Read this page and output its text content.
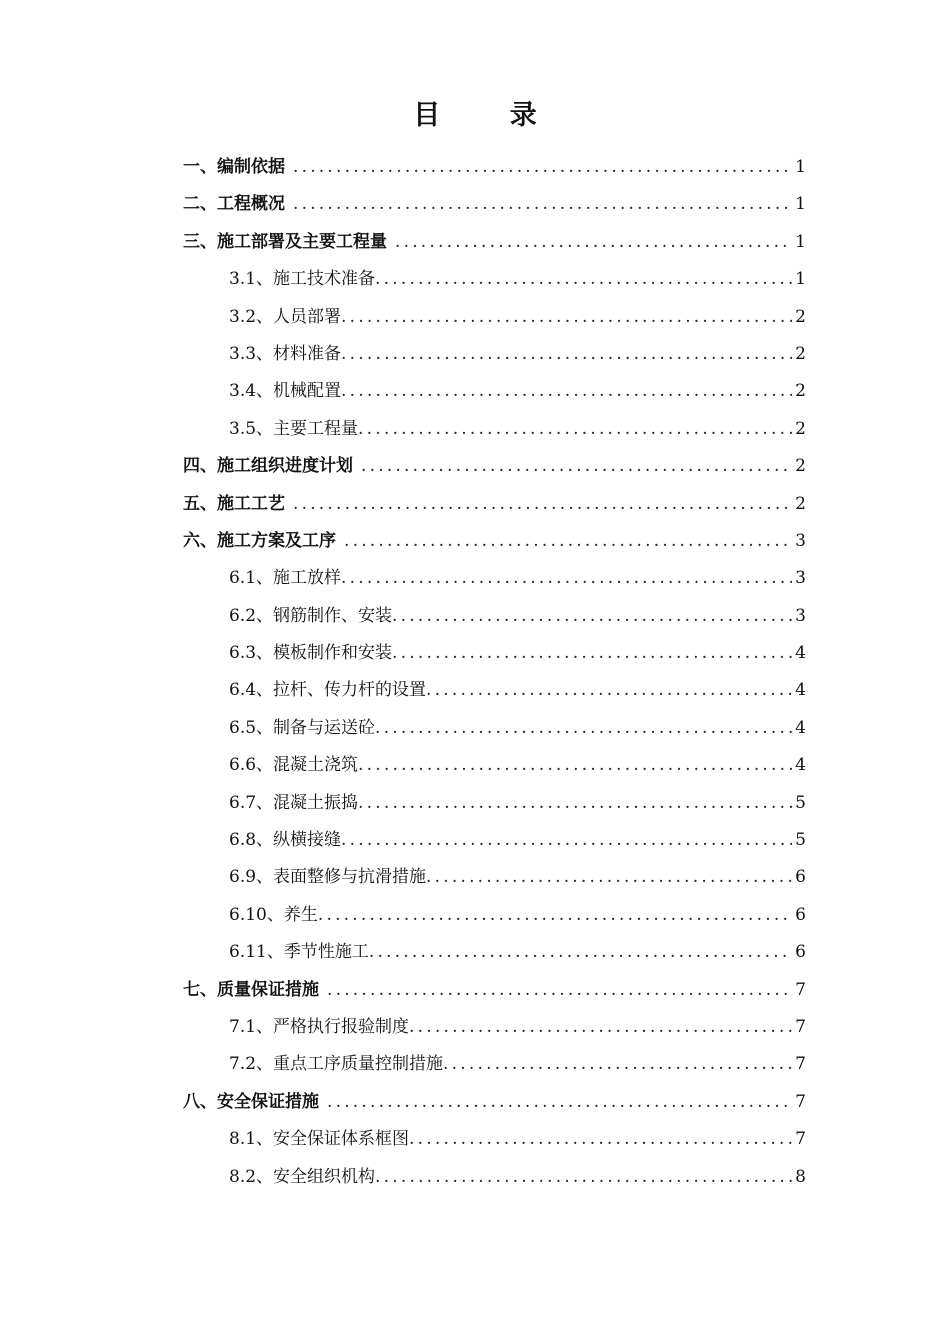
目 录
一、编制依据 .....	1
二、工程概况 .....	1
三、施工部署及主要工程量 .....	1
3.1、施工技术准备 .....	1
3.2、人员部署 .....	2
3.3、材料准备 .....	2
3.4、机械配置 .....	2
3.5、主要工程量 .....	2
四、施工组织进度计划 .....	2
五、施工工艺 .....	2
六、施工方案及工序 .....	3
6.1、施工放样 .....	3
6.2、钢筋制作、安装 .....	3
6.3、模板制作和安装 .....	4
6.4、拉杆、传力杆的设置 .....	4
6.5、制备与运送砼 .....	4
6.6、混凝土浇筑 .....	4
6.7、混凝土振捣 .....	5
6.8、纵横接缝 .....	5
6.9、表面整修与抗滑措施 .....	6
6.10、养生 .....	6
6.11、季节性施工 .....	6
七、质量保证措施 .....	7
7.1、严格执行报验制度 .....	7
7.2、重点工序质量控制措施 .....	7
八、安全保证措施 .....	7
8.1、安全保证体系框图 .....	7
8.2、安全组织机构 .....	8
